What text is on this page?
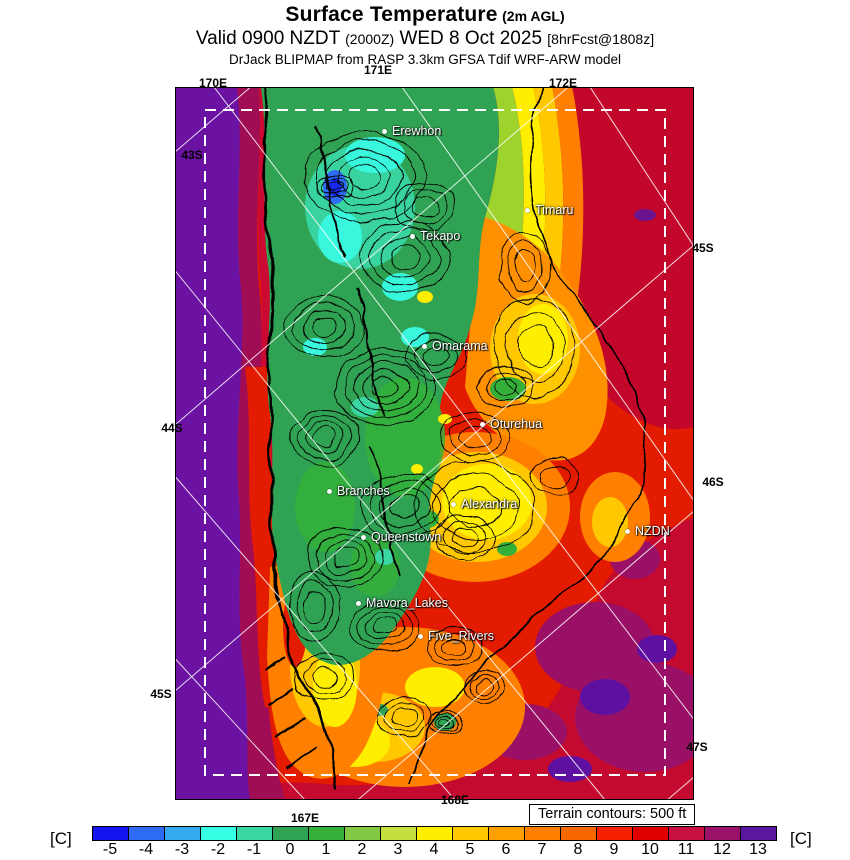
Surface Temperature (2m AGL)
Valid 0900 NZDT (2000Z) WED 8 Oct 2025 [8hrFcst@1808z]
DrJack BLIPMAP from RASP 3.3km GFSA Tdif WRF-ARW model
Erewhon
Timaru
Tekapo
Omarama
Oturehua
Branches
Alexandra
Queenstown	NZDN
Mavora_Lakes
Five_Rivers
171E
170E	172E
43S
44S
45S
45S
46S
47S
168E
167E	Terrain contours: 500 ft
[C]
-5	-4	-3	-2	-1	0	1	2	3	4	5	6	7	8	9	10	11	12	13
[C]
